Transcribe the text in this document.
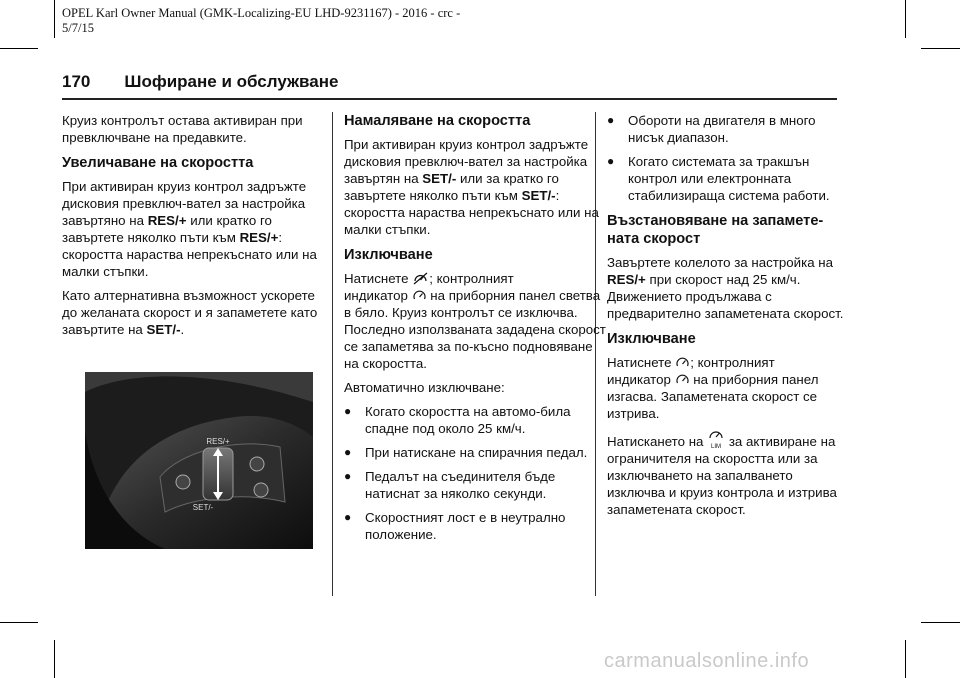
OPEL Karl Owner Manual (GMK-Localizing-EU LHD-9231167) - 2016 - crc -
5/7/15
170 Шофиране и обслужване

Круиз контролът остава активиран при превключване на предавките.

Увеличаване на скоростта

При активиран круиз контрол задръжте дисковия превключ-вател за настройка завъртяно на RES/+ или кратко го завъртете няколко пъти към RES/+: скоростта нараства непрекъснато или на малки стъпки.

Като алтернативна възможност ускорете до желаната скорост и я запаметете като завъртите на SET/-.

RES/+
SET/-
Намаляване на скоростта

При активиран круиз контрол задръжте дисковия превключ-вател за настройка завъртян на SET/- или за кратко го завъртете няколко пъти към SET/-: скоростта нараства непрекъснато или на малки стъпки.

Изключване

Натиснете ; контролният
индикатор  на приборния панел светва в бяло. Круиз контролът се изключва. Последно използваната зададена скорост се запаметява за по-късно подновяване на скоростта.

Автоматично изключване:

●	Когато скоростта на автомо-била спадне под около 25 км/ч.
●	При натискане на спирачния педал.
●	Педалът на съединителя бъде натиснат за няколко секунди.
●	Скоростният лост е в неутрално положение.
●	Обороти на двигателя в много нисък диапазон.
●	Когато системата за тракшън контрол или електронната стабилизираща система работи.
Възстановяване на запамете-ната скорост

Завъртете колелото за настройка на RES/+ при скорост над 25 км/ч. Движението продължава с предварително запаметената скорост.

Изключване

Натиснете ; контролният
индикатор  на приборния панел изгасва. Запаметената скорост се изтрива.

Натискането на LIM за активиране на ограничителя на скоростта или за изключването на запалването изключва и круиз контрола и изтрива запаметената скорост.

carmanualsonline.info
